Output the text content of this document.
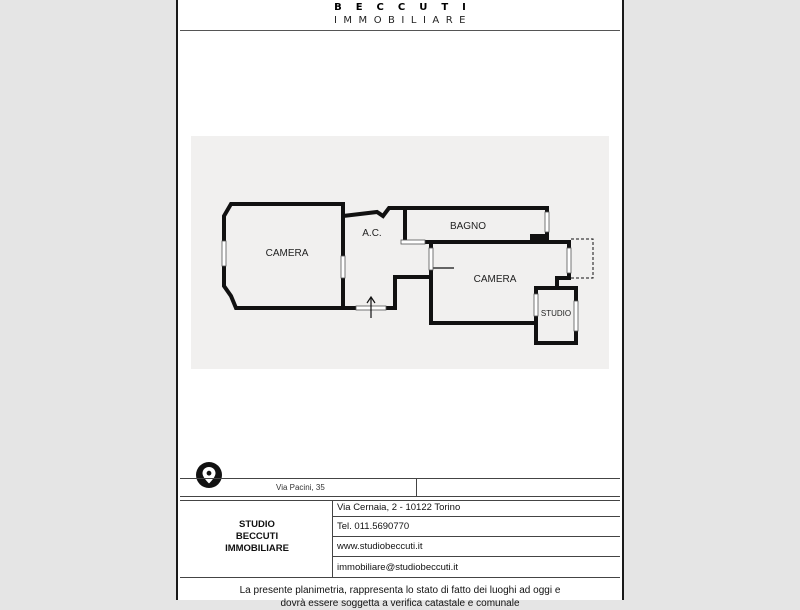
BECCUTI
IMMOBILIARE
CAMERA
A.C.
BAGNO
CAMERA
STUDIO
Via Pacini, 35
STUDIO
BECCUTI
IMMOBILIARE
Via Cernaia, 2 - 10122 Torino
Tel. 011.5690770
www.studiobeccuti.it
immobiliare@studiobeccuti.it
La presente planimetria, rappresenta lo stato di fatto dei luoghi ad oggi e
dovrà essere soggetta a verifica catastale e comunale
